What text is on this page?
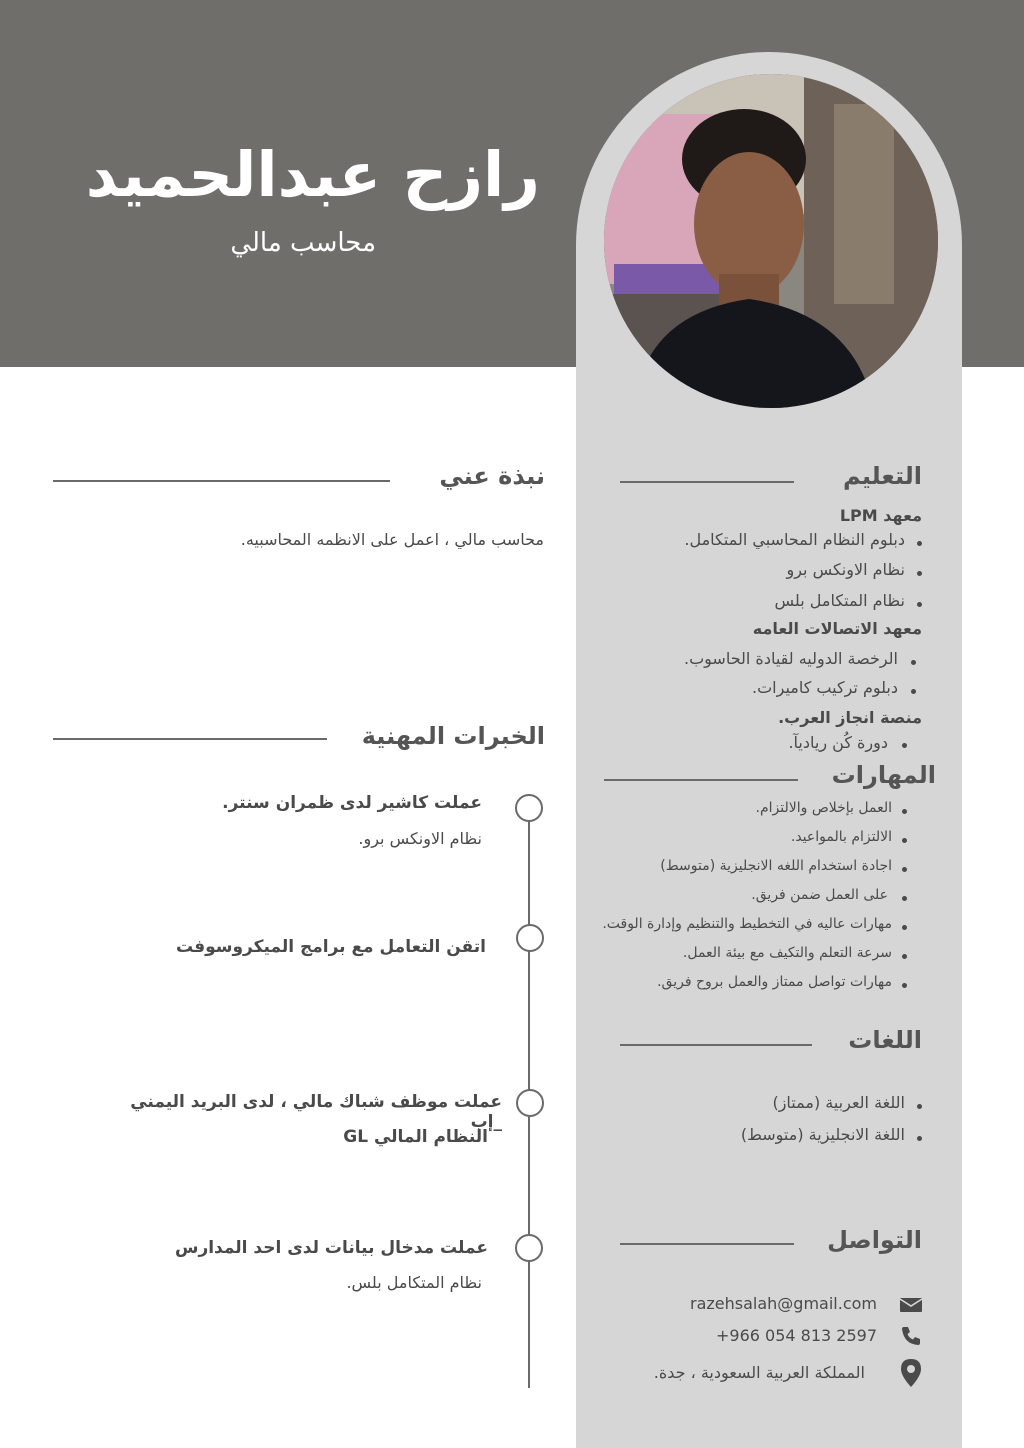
رازح عبدالحميد
محاسب مالي
نبذة عني
محاسب مالي ، اعمل على الانظمه المحاسبيه.
الخبرات المهنية
عملت كاشير لدى ظمران سنتر.
نظام الاونكس برو.
اتقن التعامل مع برامج الميكروسوفت
عملت موظف شباك مالي ، لدى البريد اليمني _إب
النظام المالي GL
عملت مدخال بيانات لدى احد المدارس
نظام المتكامل بلس.
التعليم
معهد LPM
دبلوم النظام المحاسبي المتكامل.
نظام الاونكس برو
نظام المتكامل بلس
معهد الاتصالات العامه
الرخصة الدوليه لقيادة الحاسوب.
دبلوم تركيب كاميرات.
منصة انجاز العرب.
دورة كُن رياديآ.
المهارات
العمل بإخلاص والالتزام.
الالتزام بالمواعيد.
اجادة استخدام اللغه الانجليزية (متوسط)
على العمل ضمن فريق.
مهارات عاليه في التخطيط والتنظيم وإدارة الوقت.
سرعة التعلم والتكيف مع بيئة العمل.
مهارات تواصل ممتاز والعمل بروح فريق.
اللغات
اللغة العربية (ممتاز)
اللغة الانجليزية (متوسط)
التواصل
razehsalah@gmail.com
+966 054 813 2597
المملكة العربية السعودية ، جدة.
